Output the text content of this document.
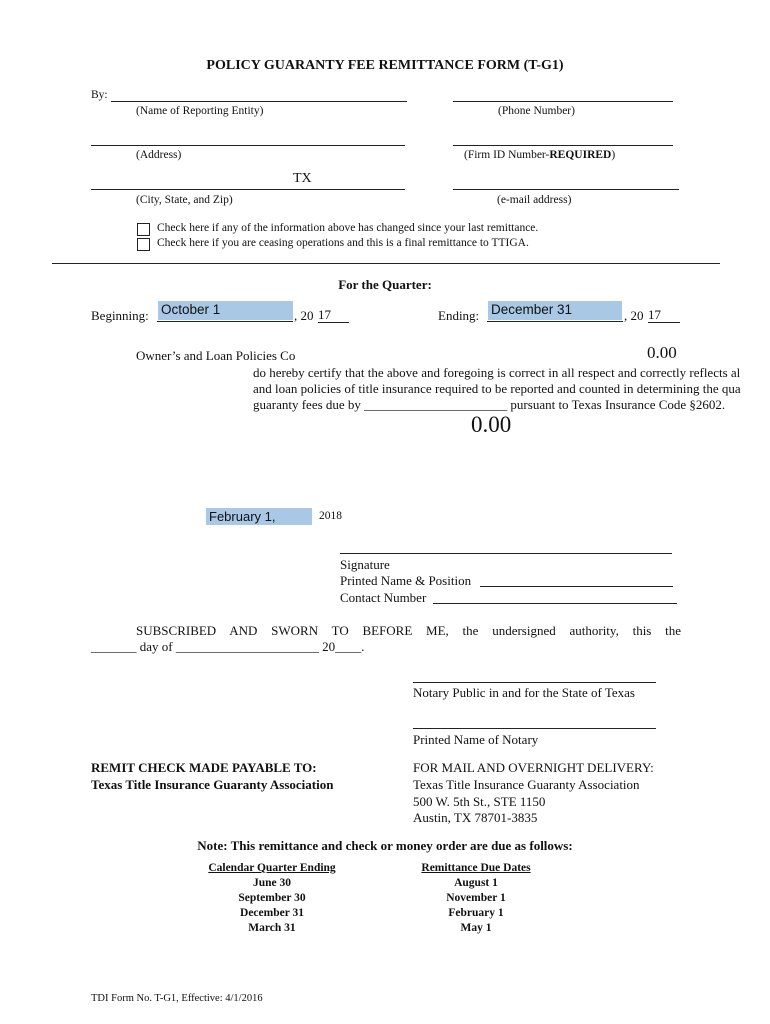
POLICY GUARANTY FEE REMITTANCE FORM (T-G1)
By:
(Name of Reporting Entity)	(Phone Number)
(Address)	(Firm ID Number-REQUIRED)
TX
(City, State, and Zip)	(e-mail address)
Check here if any of the information above has changed since your last remittance.
Check here if you are ceasing operations and this is a final remittance to TTIGA.
For the Quarter:
Beginning: October 1	, 20 17	Ending: December 31	, 20 17
Owner’s and Loan Policies Co	0.00
do hereby certify that the above and foregoing is correct in all respect and correctly reflects al
and loan policies of title insurance required to be reported and counted in determining the qua
guaranty fees due by ______________________ pursuant to Texas Insurance Code §2602.
0.00
February 1,	2018
Signature
Printed Name & Position
Contact Number
SUBSCRIBED AND SWORN TO BEFORE ME, the undersigned authority, this the
_______ day of ______________________ 20____.
Notary Public in and for the State of Texas
Printed Name of Notary
REMIT CHECK MADE PAYABLE TO:
Texas Title Insurance Guaranty Association
FOR MAIL AND OVERNIGHT DELIVERY:
Texas Title Insurance Guaranty Association
500 W. 5th St., STE 1150
Austin, TX 78701-3835
Note: This remittance and check or money order are due as follows:
Calendar Quarter Ending	Remittance Due Dates
June 30	August 1
September 30	November 1
December 31	February 1
March 31	May 1
TDI Form No. T-G1, Effective: 4/1/2016
